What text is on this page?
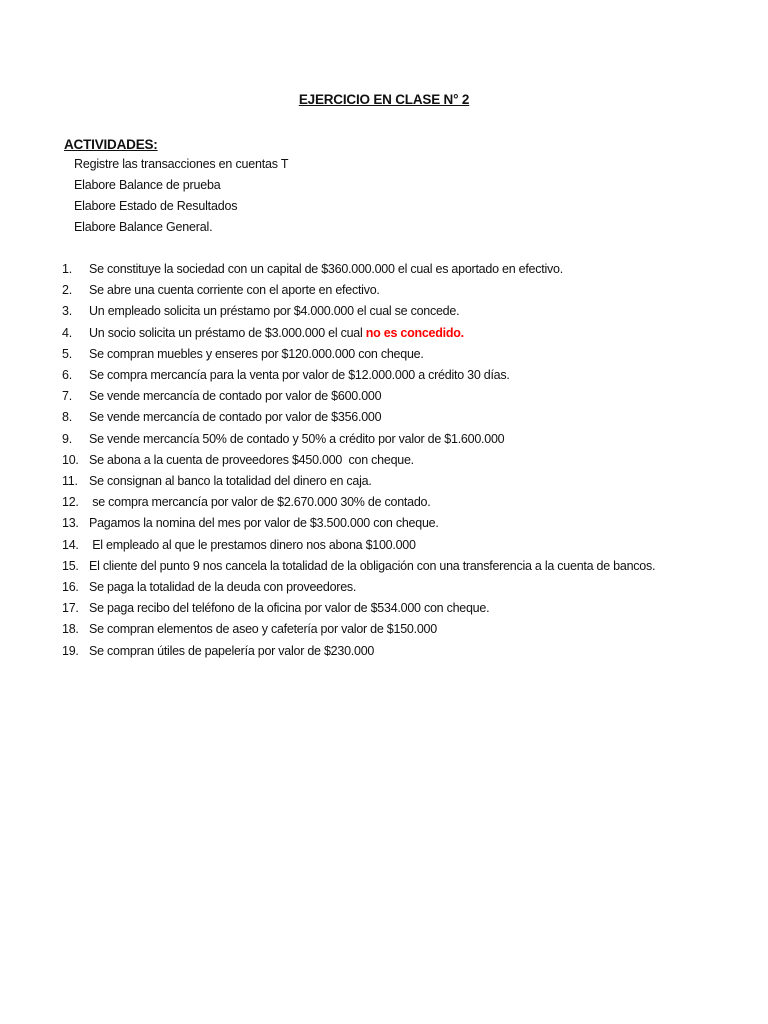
EJERCICIO EN CLASE N° 2
ACTIVIDADES:
Registre las transacciones en cuentas T
Elabore Balance de prueba
Elabore Estado de Resultados
Elabore Balance General.
1.	Se constituye la sociedad con un capital de $360.000.000 el cual es aportado en efectivo.
2.	Se abre una cuenta corriente con el aporte en efectivo.
3.	Un empleado solicita un préstamo por $4.000.000 el cual se concede.
4.	Un socio solicita un préstamo de $3.000.000 el cual no es concedido.
5.	Se compran muebles y enseres por $120.000.000 con cheque.
6.	Se compra mercancía para la venta por valor de $12.000.000 a crédito 30 días.
7.	Se vende mercancía de contado por valor de $600.000
8.	Se vende mercancía de contado por valor de $356.000
9.	Se vende mercancía 50% de contado y 50% a crédito por valor de $1.600.000
10. Se abona a la cuenta de proveedores $450.000  con cheque.
11. Se consignan al banco la totalidad del dinero en caja.
12. se compra mercancía por valor de $2.670.000 30% de contado.
13. Pagamos la nomina del mes por valor de $3.500.000 con cheque.
14. El empleado al que le prestamos dinero nos abona $100.000
15. El cliente del punto 9 nos cancela la totalidad de la obligación con una transferencia a la cuenta de bancos.
16. Se paga la totalidad de la deuda con proveedores.
17. Se paga recibo del teléfono de la oficina por valor de $534.000 con cheque.
18. Se compran elementos de aseo y cafetería por valor de $150.000
19. Se compran útiles de papelería por valor de $230.000
